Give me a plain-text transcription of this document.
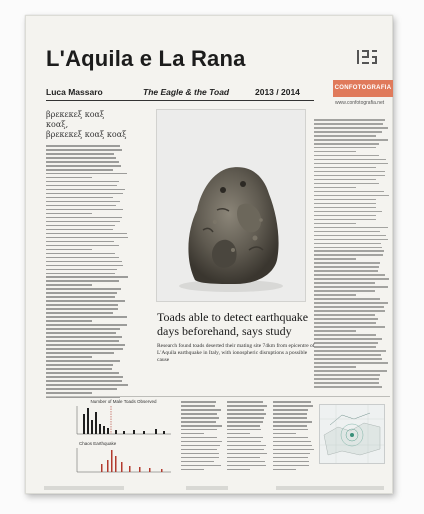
L'Aquila e La Rana
Luca Massaro	The Eagle & the Toad	2013 / 2014	CONFOTOGRAFIA
www.confotografia.net
βρεκεκεξ κοαξ κοαξ,
βρεκεκεξ κοαξ κοαξ
Toads able to detect earthquake days beforehand, says study
Research found toads deserted their mating site 74km from epicentre of L'Aquila earthquake in Italy, with ionospheric disruptions a possible cause
Number of Male Toads Observed
Chaos Earthquake
